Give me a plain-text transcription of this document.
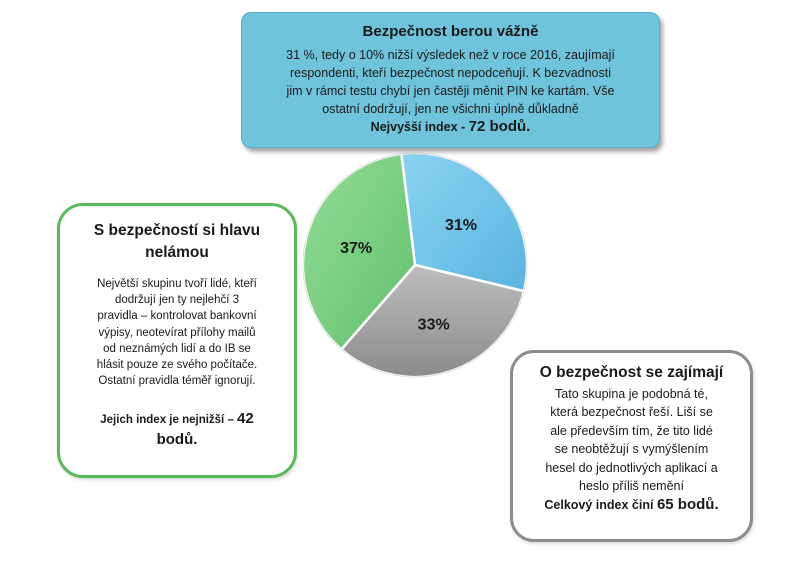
31%
33%
37%
Bezpečnost berou vážně
31 %, tedy o 10% nižší výsledek než v roce 2016, zaujímají
respondenti, kteří bezpečnost nepodceňují. K bezvadnosti
jim v rámci testu chybí jen častěji měnit PIN ke kartám. Vše
ostatní dodržují, jen ne všichni úplně důkladně
Nejvyšší index - 72 bodů.
S bezpečností si hlavu
nelámou
Největší skupinu tvoří lidé, kteří
dodržují jen ty nejlehčí 3
pravidla – kontrolovat bankovní
výpisy, neotevírat přílohy mailů
od neznámých lidí a do IB se
hlásit pouze ze svého počítače.
Ostatní pravidla téměř ignorují.
Jejich index je nejnižší – 42
bodů.
O bezpečnost se zajímají
Tato skupina je podobná té,
která bezpečnost řeší. Liší se
ale především tím, že tito lidé
se neobtěžují s vymýšlením
hesel do jednotlivých aplikací a
heslo příliš nemění
Celkový index činí 65 bodů.
